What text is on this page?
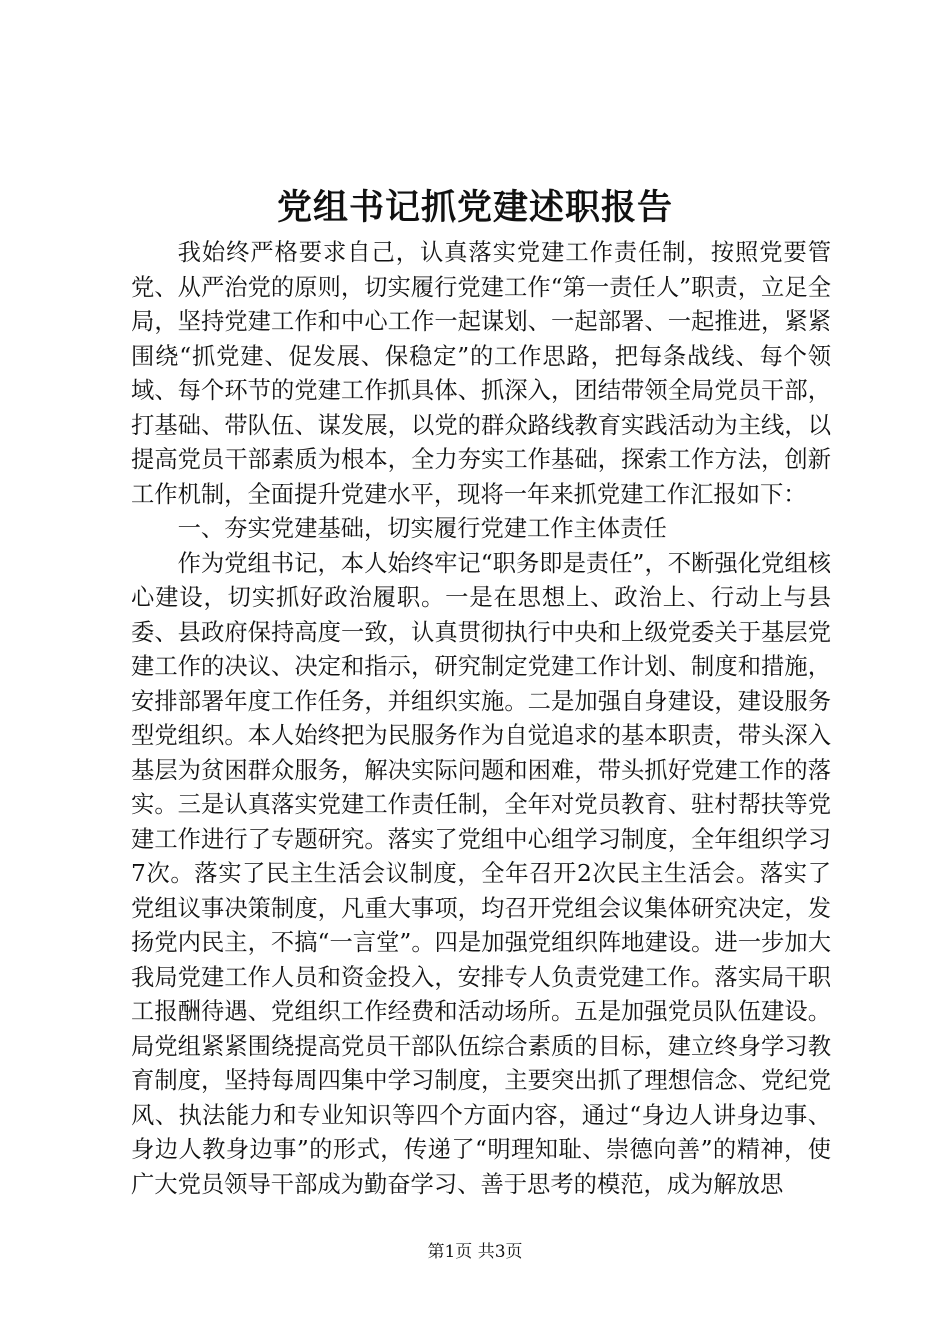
党组书记抓党建述职报告

我始终严格要求自己，认真落实党建工作责任制，按照党要管党、从严治党的原则，切实履行党建工作“第一责任人”职责，立足全局，坚持党建工作和中心工作一起谋划、一起部署、一起推进，紧紧围绕“抓党建、促发展、保稳定”的工作思路，把每条战线、每个领域、每个环节的党建工作抓具体、抓深入，团结带领全局党员干部，打基础、带队伍、谋发展，以党的群众路线教育实践活动为主线，以提高党员干部素质为根本，全力夯实工作基础，探索工作方法，创新工作机制，全面提升党建水平，现将一年来抓党建工作汇报如下：

一、夯实党建基础，切实履行党建工作主体责任

作为党组书记，本人始终牢记“职务即是责任”，不断强化党组核心建设，切实抓好政治履职。一是在思想上、政治上、行动上与县委、县政府保持高度一致，认真贯彻执行中央和上级党委关于基层党建工作的决议、决定和指示，研究制定党建工作计划、制度和措施，安排部署年度工作任务，并组织实施。二是加强自身建设，建设服务型党组织。本人始终把为民服务作为自觉追求的基本职责，带头深入基层为贫困群众服务，解决实际问题和困难，带头抓好党建工作的落实。三是认真落实党建工作责任制，全年对党员教育、驻村帮扶等党建工作进行了专题研究。落实了党组中心组学习制度，全年组织学习7次。落实了民主生活会议制度，全年召开2次民主生活会。落实了党组议事决策制度，凡重大事项，均召开党组会议集体研究决定，发扬党内民主，不搞“一言堂”。四是加强党组织阵地建设。进一步加大我局党建工作人员和资金投入，安排专人负责党建工作。落实局干职工报酬待遇、党组织工作经费和活动场所。五是加强党员队伍建设。局党组紧紧围绕提高党员干部队伍综合素质的目标，建立终身学习教育制度，坚持每周四集中学习制度，主要突出抓了理想信念、党纪党风、执法能力和专业知识等四个方面内容，通过“身边人讲身边事、身边人教身边事”的形式，传递了“明理知耻、崇德向善”的精神，使广大党员领导干部成为勤奋学习、善于思考的模范，成为解放思

第1页 共3页
